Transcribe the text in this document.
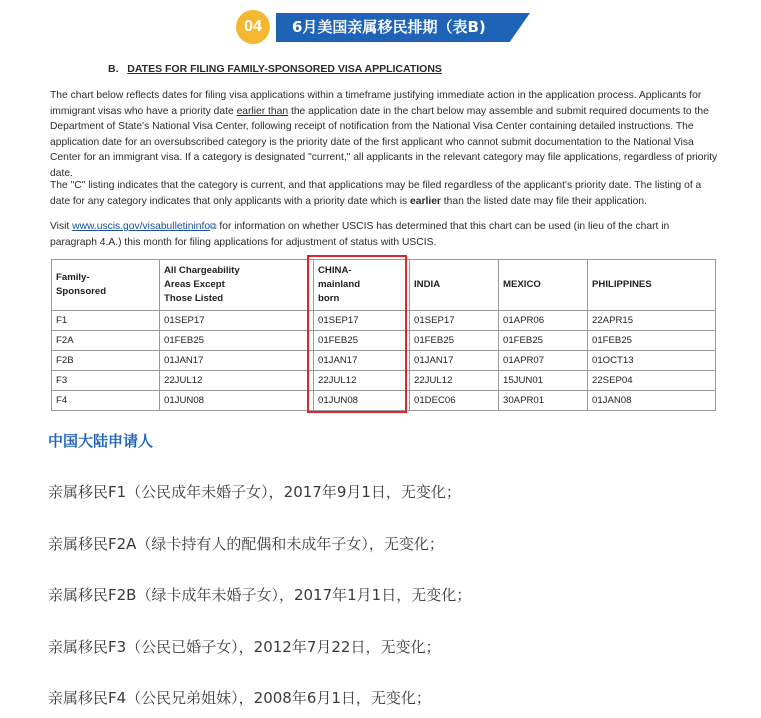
04	6月美国亲属移民排期（表B)
B. DATES FOR FILING FAMILY-SPONSORED VISA APPLICATIONS

The chart below reflects dates for filing visa applications within a timeframe justifying immediate action in the application process. Applicants for immigrant visas who have a priority date earlier than the application date in the chart below may assemble and submit required documents to the Department of State's National Visa Center, following receipt of notification from the National Visa Center containing detailed instructions. The application date for an oversubscribed category is the priority date of the first applicant who cannot submit documentation to the National Visa Center for an immigrant visa. If a category is designated "current," all applicants in the relevant category may file applications, regardless of priority date.

The "C" listing indicates that the category is current, and that applications may be filed regardless of the applicant's priority date. The listing of a date for any category indicates that only applicants with a priority date which is earlier than the listed date may file their application.

Visit www.uscis.gov/visabulletininfo⧉ for information on whether USCIS has determined that this chart can be used (in lieu of the chart in paragraph 4.A.) this month for filing applications for adjustment of status with USCIS.

Family-
Sponsored	All Chargeability
Areas Except
Those Listed	CHINA-
mainland
born	INDIA	MEXICO	PHILIPPINES
F1	01SEP17	01SEP17	01SEP17	01APR06	22APR15
F2A	01FEB25	01FEB25	01FEB25	01FEB25	01FEB25
F2B	01JAN17	01JAN17	01JAN17	01APR07	01OCT13
F3	22JUL12	22JUL12	22JUL12	15JUN01	22SEP04
F4	01JUN08	01JUN08	01DEC06	30APR01	01JAN08
中国大陆申请人
亲属移民F1（公民成年未婚子女），2017年9月1日，无变化；
亲属移民F2A（绿卡持有人的配偶和未成年子女），无变化；
亲属移民F2B（绿卡成年未婚子女），2017年1月1日，无变化；
亲属移民F3（公民已婚子女），2012年7月22日，无变化；
亲属移民F4（公民兄弟姐妹），2008年6月1日，无变化；
